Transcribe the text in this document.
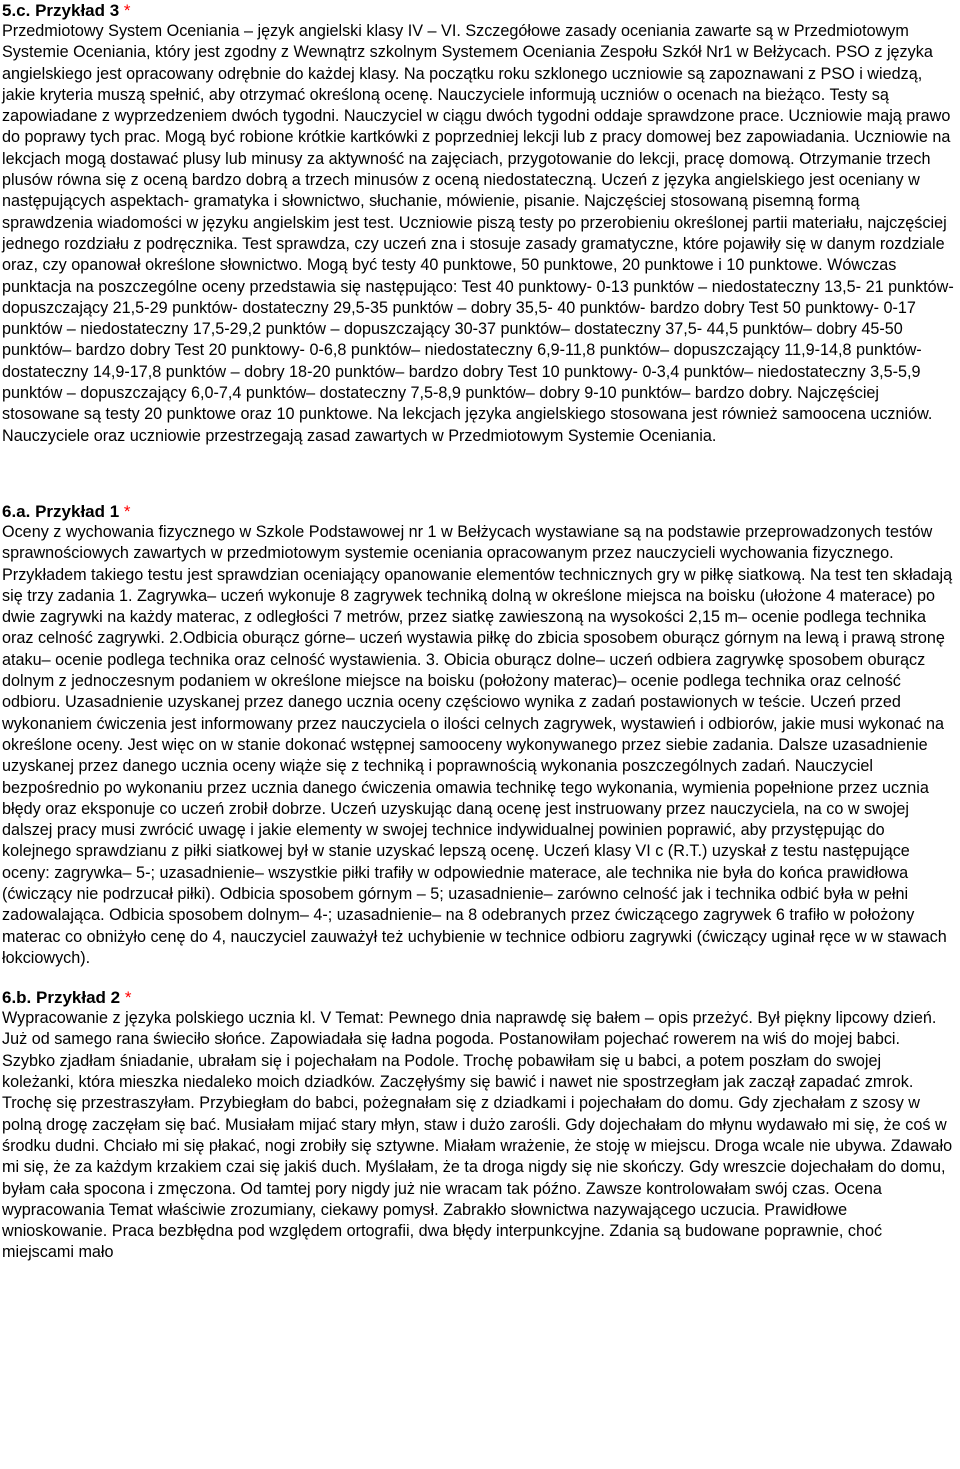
5.c. Przykład 3 *

Przedmiotowy System Oceniania – język angielski klasy IV – VI. Szczegółowe zasady oceniania zawarte są w Przedmiotowym Systemie Oceniania, który jest zgodny z Wewnątrz szkolnym Systemem Oceniania Zespołu Szkół Nr1 w Bełżycach. PSO z języka angielskiego jest opracowany odrębnie do każdej klasy. Na początku roku szklonego uczniowie są zapoznawani z PSO i wiedzą, jakie kryteria muszą spełnić, aby otrzymać określoną ocenę. Nauczyciele informują uczniów o ocenach na bieżąco. Testy są zapowiadane z wyprzedzeniem dwóch tygodni. Nauczyciel w ciągu dwóch tygodni oddaje sprawdzone prace. Uczniowie mają prawo do poprawy tych prac. Mogą być robione krótkie kartkówki z poprzedniej lekcji lub z pracy domowej bez zapowiadania. Uczniowie na lekcjach mogą dostawać plusy lub minusy za aktywność na zajęciach, przygotowanie do lekcji, pracę domową. Otrzymanie trzech plusów równa się z oceną bardzo dobrą a trzech minusów z oceną niedostateczną. Uczeń z języka angielskiego jest oceniany w następujących aspektach- gramatyka i słownictwo, słuchanie, mówienie, pisanie. Najczęściej stosowaną pisemną formą sprawdzenia wiadomości w języku angielskim jest test. Uczniowie piszą testy po przerobieniu określonej partii materiału, najczęściej jednego rozdziału z podręcznika. Test sprawdza, czy uczeń zna i stosuje zasady gramatyczne, które pojawiły się w danym rozdziale oraz, czy opanował określone słownictwo. Mogą być testy 40 punktowe, 50 punktowe, 20 punktowe i 10 punktowe. Wówczas punktacja na poszczególne oceny przedstawia się następująco: Test 40 punktowy- 0-13 punktów – niedostateczny 13,5- 21 punktów- dopuszczający 21,5-29 punktów- dostateczny 29,5-35 punktów – dobry 35,5- 40 punktów- bardzo dobry Test 50 punktowy- 0-17 punktów – niedostateczny 17,5-29,2 punktów – dopuszczający 30-37 punktów– dostateczny 37,5- 44,5 punktów– dobry 45-50 punktów– bardzo dobry Test 20 punktowy- 0-6,8 punktów– niedostateczny 6,9-11,8 punktów– dopuszczający 11,9-14,8 punktów- dostateczny 14,9-17,8 punktów – dobry 18-20 punktów– bardzo dobry Test 10 punktowy- 0-3,4 punktów– niedostateczny 3,5-5,9 punktów – dopuszczający 6,0-7,4 punktów– dostateczny 7,5-8,9 punktów– dobry 9-10 punktów– bardzo dobry. Najczęściej stosowane są testy 20 punktowe oraz 10 punktowe. Na lekcjach języka angielskiego stosowana jest również samoocena uczniów. Nauczyciele oraz uczniowie przestrzegają zasad zawartych w Przedmiotowym Systemie Oceniania.

6.a. Przykład 1 *

Oceny z wychowania fizycznego w Szkole Podstawowej nr 1 w Bełżycach wystawiane są na podstawie przeprowadzonych testów sprawnościowych zawartych w przedmiotowym systemie oceniania opracowanym przez nauczycieli wychowania fizycznego. Przykładem takiego testu jest sprawdzian oceniający opanowanie elementów technicznych gry w piłkę siatkową. Na test ten składają się trzy zadania 1. Zagrywka– uczeń wykonuje 8 zagrywek techniką dolną w określone miejsca na boisku (ułożone 4 materace) po dwie zagrywki na każdy materac, z odległości 7 metrów, przez siatkę zawieszoną na wysokości 2,15 m– ocenie podlega technika oraz celność zagrywki. 2.Odbicia oburącz górne– uczeń wystawia piłkę do zbicia sposobem oburącz górnym na lewą i prawą stronę ataku– ocenie podlega technika oraz celność wystawienia. 3. Obicia oburącz dolne– uczeń odbiera zagrywkę sposobem oburącz dolnym z jednoczesnym podaniem w określone miejsce na boisku (położony materac)– ocenie podlega technika oraz celność odbioru. Uzasadnienie uzyskanej przez danego ucznia oceny częściowo wynika z zadań postawionych w teście. Uczeń przed wykonaniem ćwiczenia jest informowany przez nauczyciela o ilości celnych zagrywek, wystawień i odbiorów, jakie musi wykonać na określone oceny. Jest więc on w stanie dokonać wstępnej samooceny wykonywanego przez siebie zadania. Dalsze uzasadnienie uzyskanej przez danego ucznia oceny wiąże się z techniką i poprawnością wykonania poszczególnych zadań. Nauczyciel bezpośrednio po wykonaniu przez ucznia danego ćwiczenia omawia technikę tego wykonania, wymienia popełnione przez ucznia błędy oraz eksponuje co uczeń zrobił dobrze. Uczeń uzyskując daną ocenę jest instruowany przez nauczyciela, na co w swojej dalszej pracy musi zwrócić uwagę i jakie elementy w swojej technice indywidualnej powinien poprawić, aby przystępując do kolejnego sprawdzianu z piłki siatkowej był w stanie uzyskać lepszą ocenę. Uczeń klasy VI c (R.T.) uzyskał z testu następujące oceny: zagrywka– 5-; uzasadnienie– wszystkie piłki trafiły w odpowiednie materace, ale technika nie była do końca prawidłowa (ćwiczący nie podrzucał piłki). Odbicia sposobem górnym – 5; uzasadnienie– zarówno celność jak i technika odbić była w pełni zadowalająca. Odbicia sposobem dolnym– 4-; uzasadnienie– na 8 odebranych przez ćwiczącego zagrywek 6 trafiło w położony materac co obniżyło cenę do 4, nauczyciel zauważył też uchybienie w technice odbioru zagrywki (ćwiczący uginał ręce w w stawach łokciowych).

6.b. Przykład 2 *

Wypracowanie z języka polskiego ucznia kl. V Temat: Pewnego dnia naprawdę się bałem – opis przeżyć. Był piękny lipcowy dzień. Już od samego rana świeciło słońce. Zapowiadała się ładna pogoda. Postanowiłam pojechać rowerem na wiś do mojej babci. Szybko zjadłam śniadanie, ubrałam się i pojechałam na Podole. Trochę pobawiłam się u babci, a potem poszłam do swojej koleżanki, która mieszka niedaleko moich dziadków. Zaczęłyśmy się bawić i nawet nie spostrzegłam jak zaczął zapadać zmrok. Trochę się przestraszyłam. Przybiegłam do babci, pożegnałam się z dziadkami i pojechałam do domu. Gdy zjechałam z szosy w polną drogę zaczęłam się bać. Musiałam mijać stary młyn, staw i dużo zarośli. Gdy dojechałam do młynu wydawało mi się, że coś w środku dudni. Chciało mi się płakać, nogi zrobiły się sztywne. Miałam wrażenie, że stoję w miejscu. Droga wcale nie ubywa. Zdawało mi się, że za każdym krzakiem czai się jakiś duch. Myślałam, że ta droga nigdy się nie skończy. Gdy wreszcie dojechałam do domu, byłam cała spocona i zmęczona. Od tamtej pory nigdy już nie wracam tak późno. Zawsze kontrolowałam swój czas. Ocena wypracowania Temat właściwie zrozumiany, ciekawy pomysł. Zabrakło słownictwa nazywającego uczucia. Prawidłowe wnioskowanie. Praca bezbłędna pod względem ortografii, dwa błędy interpunkcyjne. Zdania są budowane poprawnie, choć miejscami mało
